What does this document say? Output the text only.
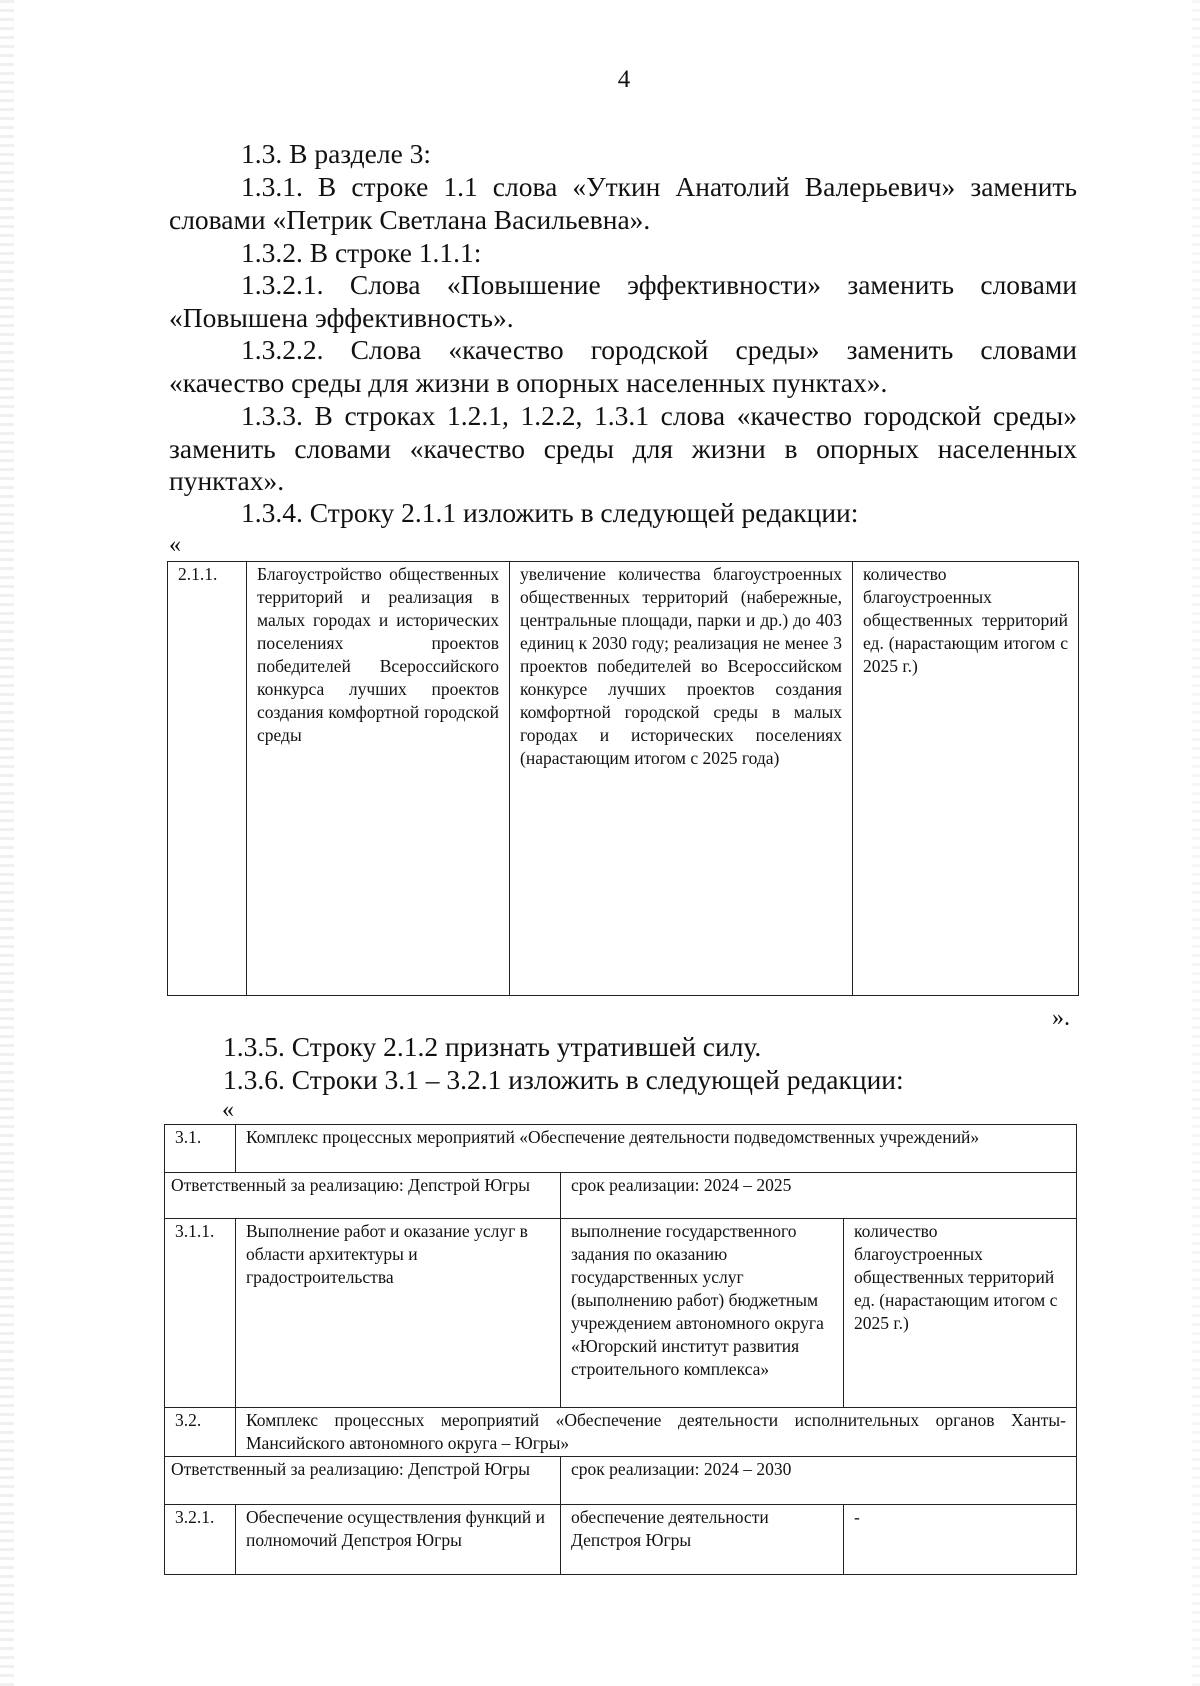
4
1.3. В разделе 3:

1.3.1. В строке 1.1 слова «Уткин Анатолий Валерьевич» заменить словами «Петрик Светлана Васильевна».

1.3.2. В строке 1.1.1:

1.3.2.1. Слова «Повышение эффективности» заменить словами «Повышена эффективность».

1.3.2.2. Слова «качество городской среды» заменить словами «качество среды для жизни в опорных населенных пунктах».

1.3.3. В строках 1.2.1, 1.2.2, 1.3.1 слова «качество городской среды» заменить словами «качество среды для жизни в опорных населенных пунктах».

1.3.4. Строку 2.1.1 изложить в следующей редакции:
«
2.1.1.	Благоустройство общественных территорий и реализация в малых городах и исторических поселениях проектов победителей Всероссийского конкурса лучших проектов создания комфортной городской среды	увеличение количества благоустроенных общественных территорий (набережные, центральные площади, парки и др.) до 403 единиц к 2030 году; реализация не менее 3 проектов победителей во Всероссийском конкурсе лучших проектов создания комфортной городской среды в малых городах и исторических поселениях (нарастающим итогом с 2025 года)	количество благоустроенных общественных территорий ед. (нарастающим итогом с 2025 г.)
».
1.3.5. Строку 2.1.2 признать утратившей силу.
1.3.6. Строки 3.1 – 3.2.1 изложить в следующей редакции:
«
3.1.	Комплекс процессных мероприятий «Обеспечение деятельности подведомственных учреждений»		
Ответственный за реализацию: Депстрой Югры		срок реализации: 2024 – 2025	
3.1.1.	Выполнение работ и оказание услуг в области архитектуры и градостроительства	выполнение государственного задания по оказанию государственных услуг (выполнению работ) бюджетным учреждением автономного округа «Югорский институт развития строительного комплекса»	количество благоустроенных общественных территорий ед. (нарастающим итогом с 2025 г.)
3.2.	Комплекс процессных мероприятий «Обеспечение деятельности исполнительных органов Ханты-Мансийского автономного округа – Югры»		
Ответственный за реализацию: Депстрой Югры		срок реализации: 2024 – 2030	
3.2.1.	Обеспечение осуществления функций и полномочий Депстроя Югры	обеспечение деятельности Депстроя Югры	-
